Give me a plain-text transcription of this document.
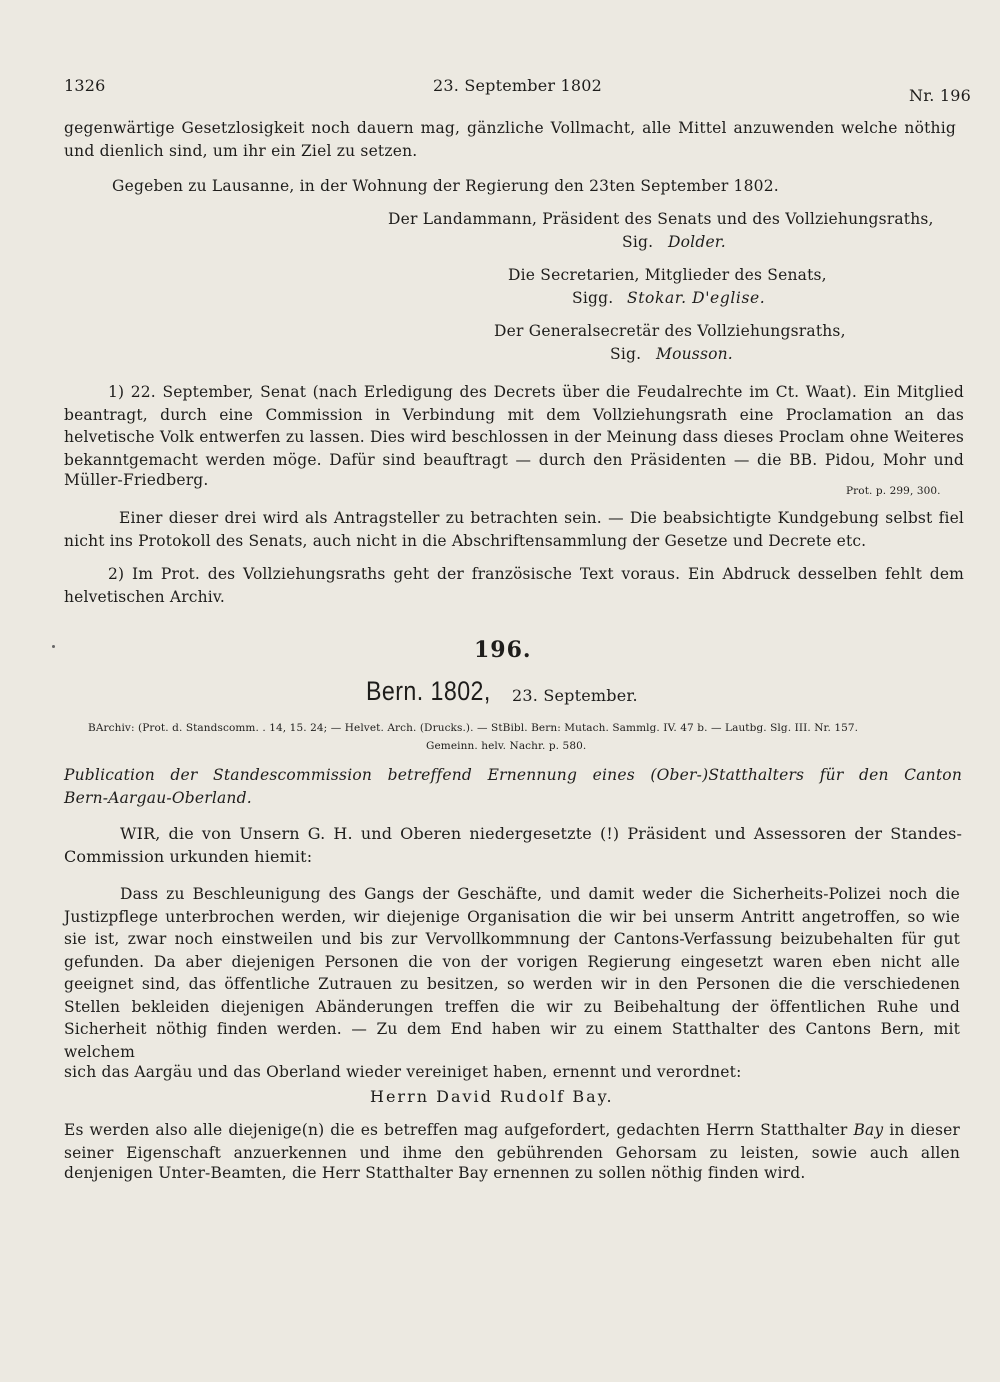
1326	23. September 1802

Nr. 196

gegenwärtige Gesetzlosigkeit noch dauern mag, gänzliche Vollmacht, alle Mittel anzuwenden welche nöthig

und dienlich sind, um ihr ein Ziel zu setzen.

Gegeben zu Lausanne, in der Wohnung der Regierung den 23ten September 1802.

Der Landammann, Präsident des Senats und des Vollziehungsraths,

Sig. Dolder.

Die Secretarien, Mitglieder des Senats,

Sigg. Stokar. D'eglise.

Der Generalsecretär des Vollziehungsraths,

Sig. Mousson.

1) 22. September, Senat (nach Erledigung des Decrets über die Feudalrechte im Ct. Waat). Ein Mitglied beantragt, durch eine Commission in Verbindung mit dem Vollziehungsrath eine Proclamation an das helvetische Volk entwerfen zu lassen. Dies wird beschlossen in der Meinung dass dieses Proclam ohne Weiteres bekanntgemacht werden möge. Dafür sind beauftragt — durch den Präsidenten — die BB. Pidou, Mohr und

Müller-Friedberg.

Prot. p. 299, 300.

Einer dieser drei wird als Antragsteller zu betrachten sein. — Die beabsichtigte Kundgebung selbst fiel nicht ins Protokoll des Senats, auch nicht in die Abschriftensammlung der Gesetze und Decrete etc.

2) Im Prot. des Vollziehungsraths geht der französische Text voraus. Ein Abdruck desselben fehlt dem helvetischen Archiv.

196.

Bern. 1802, 23. September.

BArchiv: (Prot. d. Standscomm. . 14, 15. 24; — Helvet. Arch. (Drucks.). — StBibl. Bern: Mutach. Sammlg. IV. 47 b. — Lautbg. Slg. III. Nr. 157.

Gemeinn. helv. Nachr. p. 580.

Publication der Standescommission betreffend Ernennung eines (Ober-)Statthalters für den Canton

Bern-Aargau-Oberland.

WIR, die von Unsern G. H. und Oberen niedergesetzte (!) Präsident und Assessoren der Standes-Commission urkunden hiemit:

Dass zu Beschleunigung des Gangs der Geschäfte, und damit weder die Sicherheits-Polizei noch die Justizpflege unterbrochen werden, wir diejenige Organisation die wir bei unserm Antritt angetroffen, so wie sie ist, zwar noch einstweilen und bis zur Vervollkommnung der Cantons-Verfassung beizubehalten für gut gefunden. Da aber diejenigen Personen die von der vorigen Regierung eingesetzt waren eben nicht alle geeignet sind, das öffentliche Zutrauen zu besitzen, so werden wir in den Personen die die verschiedenen Stellen bekleiden diejenigen Abänderungen treffen die wir zu Beibehaltung der öffentlichen Ruhe und Sicherheit nöthig finden werden. — Zu dem End haben wir zu einem Statthalter des Cantons Bern, mit welchem

sich das Aargäu und das Oberland wieder vereiniget haben, ernennt und verordnet:

Herrn David Rudolf Bay.

Es werden also alle diejenige(n) die es betreffen mag aufgefordert, gedachten Herrn Statthalter Bay in dieser seiner Eigenschaft anzuerkennen und ihme den gebührenden Gehorsam zu leisten, sowie auch allen

denjenigen Unter-Beamten, die Herr Statthalter Bay ernennen zu sollen nöthig finden wird.
